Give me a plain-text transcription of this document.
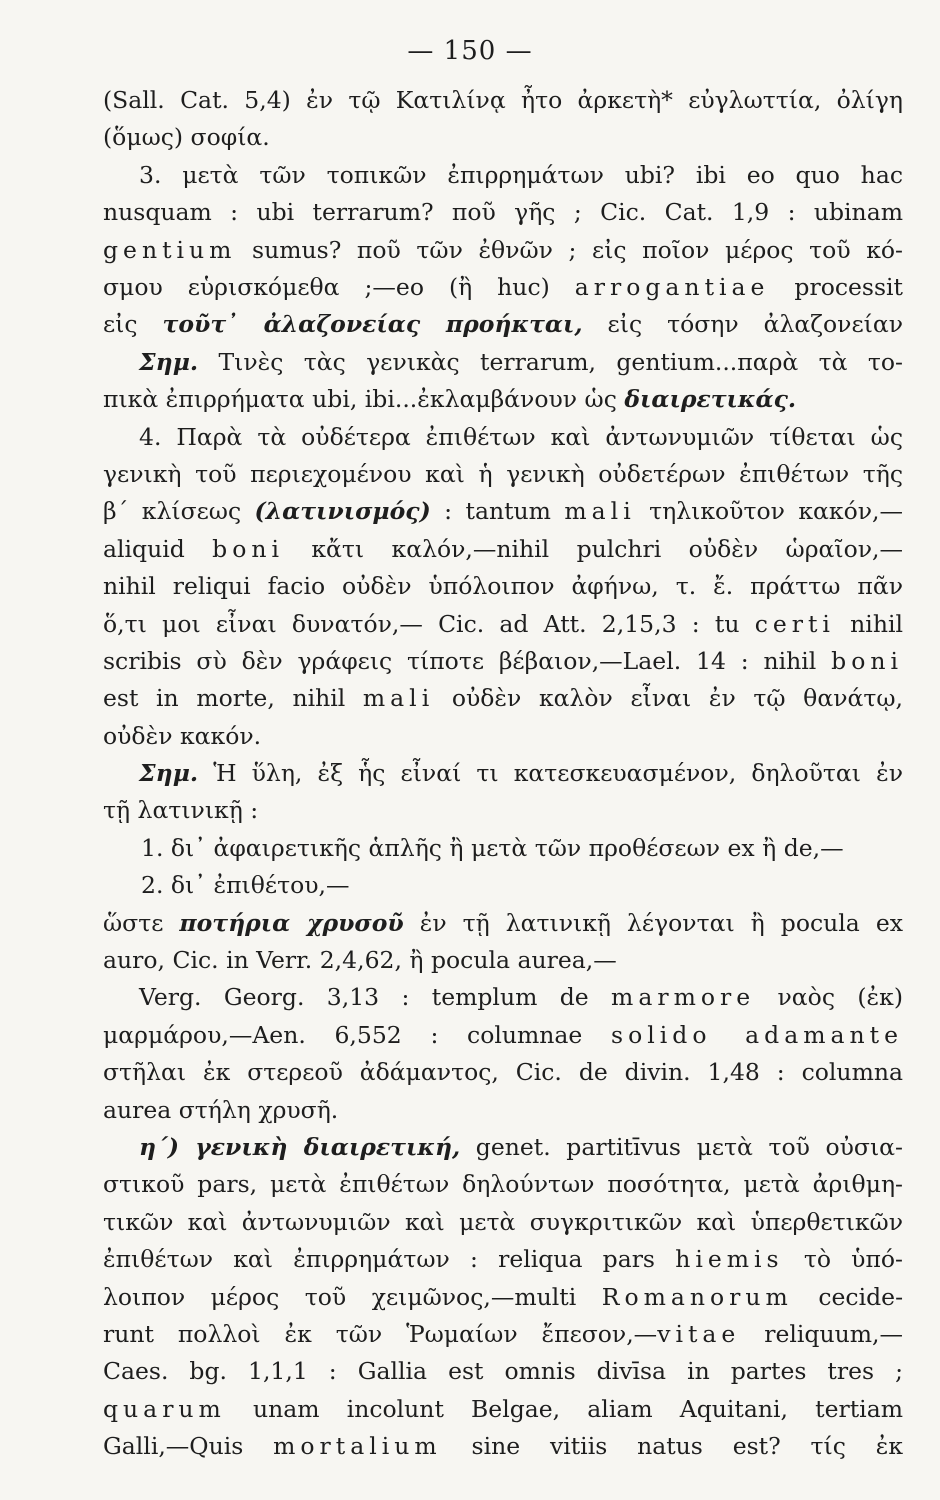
— 150 —
(Sall. Cat. 5,4) ἐν τῷ Κατιλίνᾳ ἦτο ἀρκετὴ* εὐγλωττία, ὀλίγη
(ὅμως) σοφία.
3. μετὰ τῶν τοπικῶν ἐπιρρημάτων ubi? ibi eo quo hac
nusquam : ubi terrarum? ποῦ γῆς ; Cic. Cat. 1,9 : ubinam
gentium sumus? ποῦ τῶν ἐθνῶν ; εἰς ποῖον μέρος τοῦ κό-
σμου εὑρισκόμεθα ;—eo (ἢ huc) arrogantiae processit
εἰς τοῦτ᾽ ἀλαζονείας προήκται, εἰς τόσην ἀλαζονείαν
Σημ. Τινὲς τὰς γενικὰς terrarum, gentium...παρὰ τὰ το-
πικὰ ἐπιρρήματα ubi, ibi...ἐκλαμβάνουν ὡς διαιρετικάς.
4. Παρὰ τὰ οὐδέτερα ἐπιθέτων καὶ ἀντωνυμιῶν τίθεται ὡς
γενικὴ τοῦ περιεχομένου καὶ ἡ γενικὴ οὐδετέρων ἐπιθέτων τῆς
β´ κλίσεως (λατινισμός) : tantum mali τηλικοῦτον κακόν,—
aliquid boni κἄτι καλόν,—nihil pulchri οὐδὲν ὡραῖον,—
nihil reliqui facio οὐδὲν ὑπόλοιπον ἀφήνω, τ. ἔ. πράττω πᾶν
ὅ,τι μοι εἶναι δυνατόν,— Cic. ad Att. 2,15,3 : tu certi nihil
scribis σὺ δὲν γράφεις τίποτε βέβαιον,—Lael. 14 : nihil boni
est in morte, nihil mali οὐδὲν καλὸν εἶναι ἐν τῷ θανάτῳ,
οὐδὲν κακόν.
Σημ. Ἡ ὕλη, ἐξ ἧς εἶναί τι κατεσκευασμένον, δηλοῦται ἐν
τῇ λατινικῇ :
1. δι᾽ ἀφαιρετικῆς ἁπλῆς ἢ μετὰ τῶν προθέσεων ex ἢ de,—
2. δι᾽ ἐπιθέτου,—
ὥστε ποτήρια χρυσοῦ ἐν τῇ λατινικῇ λέγονται ἢ pocula ex
auro, Cic. in Verr. 2,4,62, ἢ pocula aurea,—
Verg. Georg. 3,13 : templum de marmore ναὸς (ἐκ)
μαρμάρου,—Aen. 6,552 : columnae solido adamante
στῆλαι ἐκ στερεοῦ ἀδάμαντος, Cic. de divin. 1,48 : columna
aurea στήλη χρυσῆ.
η´) γενικὴ διαιρετική, genet. partitīvus μετὰ τοῦ οὐσια-
στικοῦ pars, μετὰ ἐπιθέτων δηλούντων ποσότητα, μετὰ ἀριθμη-
τικῶν καὶ ἀντωνυμιῶν καὶ μετὰ συγκριτικῶν καὶ ὑπερθετικῶν
ἐπιθέτων καὶ ἐπιρρημάτων : reliqua pars hiemis τὸ ὑπό-
λοιπον μέρος τοῦ χειμῶνος,—multi Romanorum cecide-
runt πολλοὶ ἐκ τῶν Ῥωμαίων ἔπεσον,—vitae reliquum,—
Caes. bg. 1,1,1 : Gallia est omnis divīsa in partes tres ;
quarum unam incolunt Belgae, aliam Aquitani, tertiam
Galli,—Quis mortalium sine vitiis natus est? τίς ἐκ
